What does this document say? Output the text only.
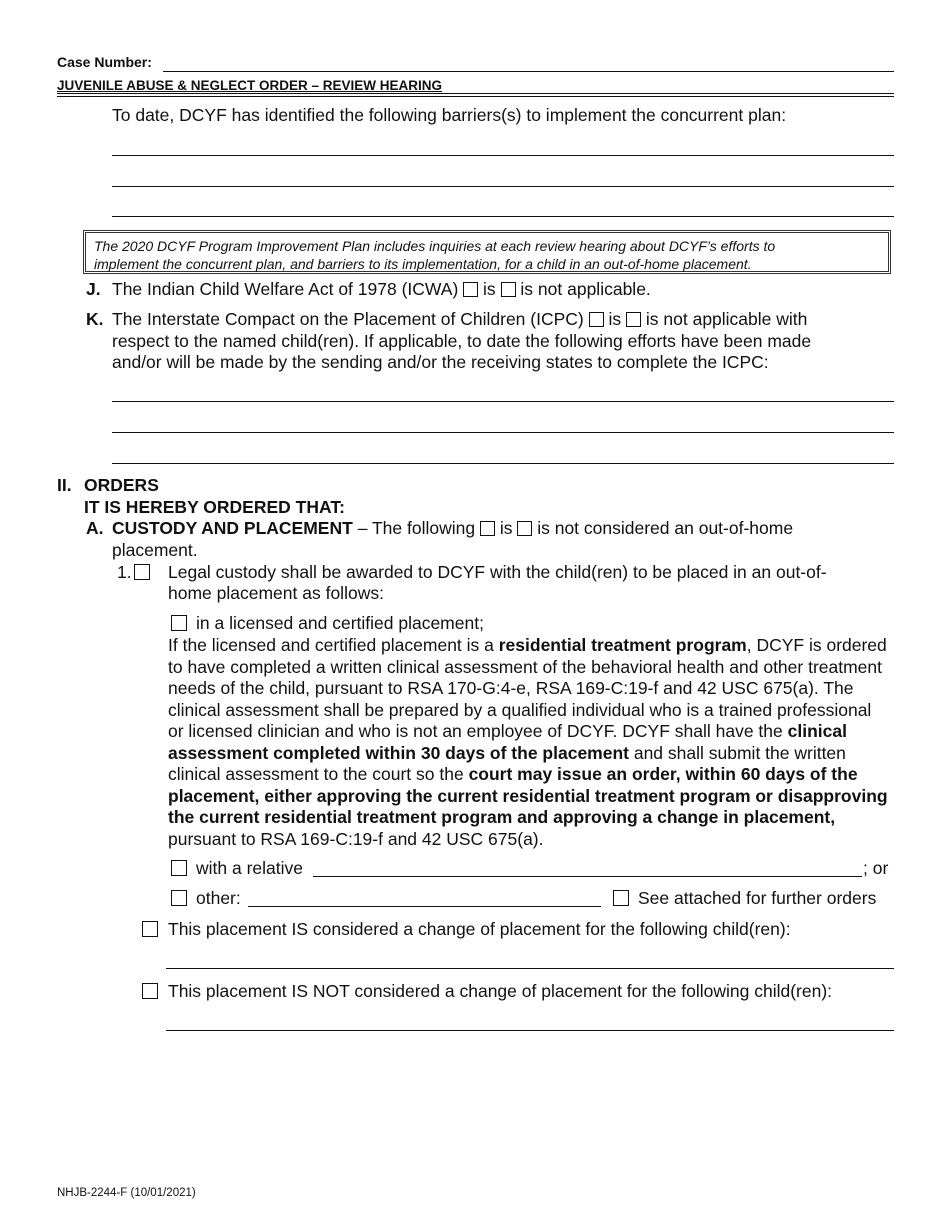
Case Number:
JUVENILE ABUSE & NEGLECT ORDER – REVIEW HEARING
To date, DCYF has identified the following barriers(s) to implement the concurrent plan:
The 2020 DCYF Program Improvement Plan includes inquiries at each review hearing about DCYF’s efforts to
implement the concurrent plan, and barriers to its implementation, for a child in an out-of-home placement.
J. The Indian Child Welfare Act of 1978 (ICWA) is is not applicable.
K. The Interstate Compact on the Placement of Children (ICPC) is is not applicable with
respect to the named child(ren). If applicable, to date the following efforts have been made
and/or will be made by the sending and/or the receiving states to complete the ICPC:
II. ORDERS
IT IS HEREBY ORDERED THAT:
A. CUSTODY AND PLACEMENT – The following is is not considered an out-of-home
placement.
1. Legal custody shall be awarded to DCYF with the child(ren) to be placed in an out-of-
home placement as follows:
in a licensed and certified placement;
If the licensed and certified placement is a residential treatment program, DCYF is ordered to have completed a written clinical assessment of the behavioral health and other treatment needs of the child, pursuant to RSA 170-G:4-e, RSA 169-C:19-f and 42 USC 675(a). The clinical assessment shall be prepared by a qualified individual who is a trained professional or licensed clinician and who is not an employee of DCYF. DCYF shall have the clinical assessment completed within 30 days of the placement and shall submit the written clinical assessment to the court so the court may issue an order, within 60 days of the placement, either approving the current residential treatment program or disapproving the current residential treatment program and approving a change in placement, pursuant to RSA 169-C:19-f and 42 USC 675(a).
with a relative	; or
other:	See attached for further orders
This placement IS considered a change of placement for the following child(ren):
This placement IS NOT considered a change of placement for the following child(ren):
NHJB-2244-F (10/01/2021)
